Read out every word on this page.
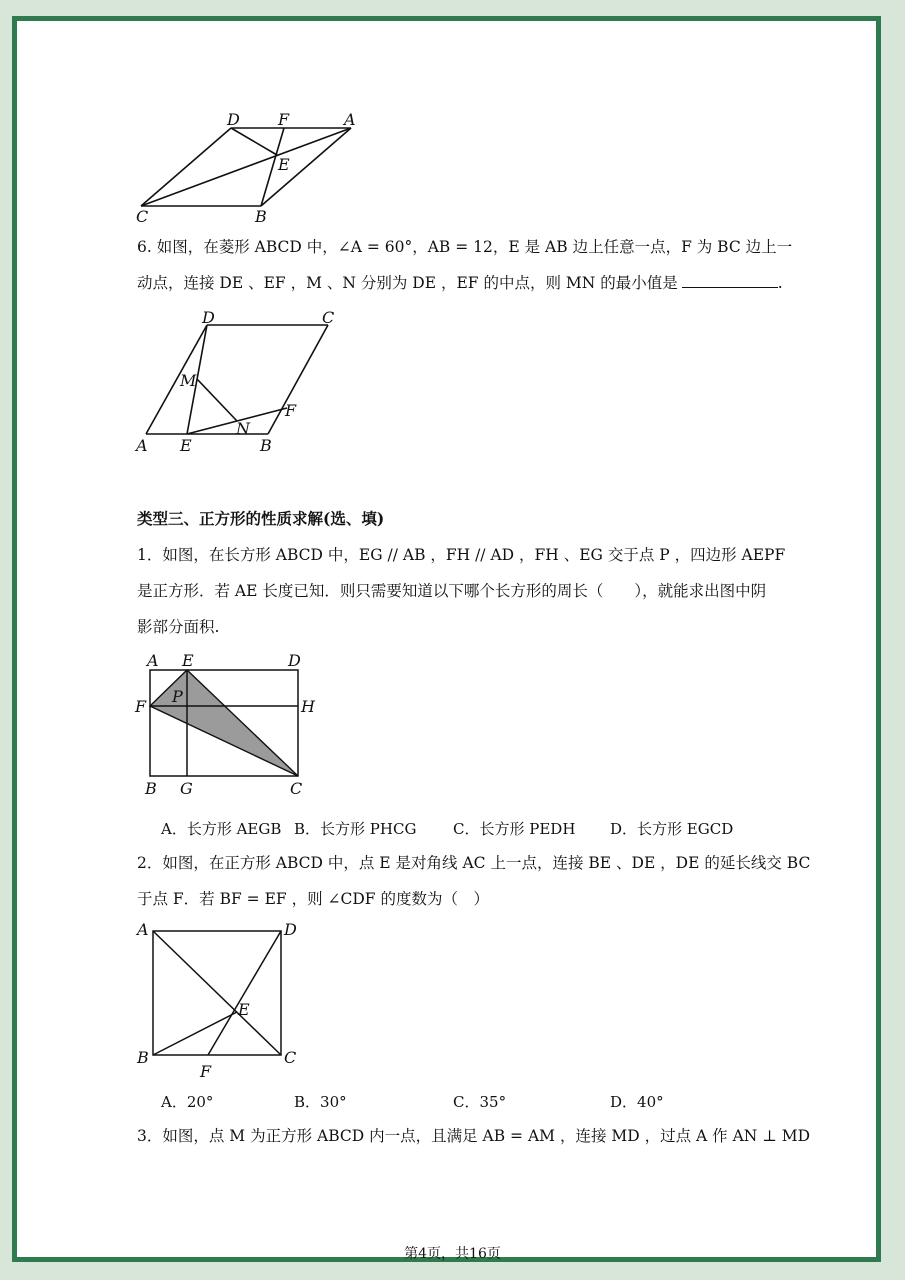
D F	A
E
C	B
6. 如图，在菱形 ABCD 中，∠A = 60°，AB = 12，E 是 AB 边上任意一点，F 为 BC 边上一
动点，连接 DE 、EF ，M 、N 分别为 DE ，EF 的中点，则 MN 的最小值是	.
D	C
M
F
A E
N
B
类型三、正方形的性质求解(选、填)
1．如图，在长方形 ABCD 中，EG // AB ，FH // AD ，FH 、EG 交于点 P ，四边形 AEPF
是正方形．若 AE 长度已知．则只需要知道以下哪个长方形的周长（　　），就能求出图中阴
影部分面积.
A E	D
F
P
H
B G	C
A．长方形 AEGB B．长方形 PHCG C．长方形 PEDH D．长方形 EGCD
2．如图，在正方形 ABCD 中，点 E 是对角线 AC 上一点，连接 BE 、DE ，DE 的延长线交 BC
于点 F．若 BF = EF ，则 ∠CDF 的度数为（　）
A	D
E
B	C
F
A．20°	B．30°	C．35°	D．40°
3．如图，点 M 为正方形 ABCD 内一点，且满足 AB = AM ，连接 MD ，过点 A 作 AN ⊥ MD
第4页，共16页
